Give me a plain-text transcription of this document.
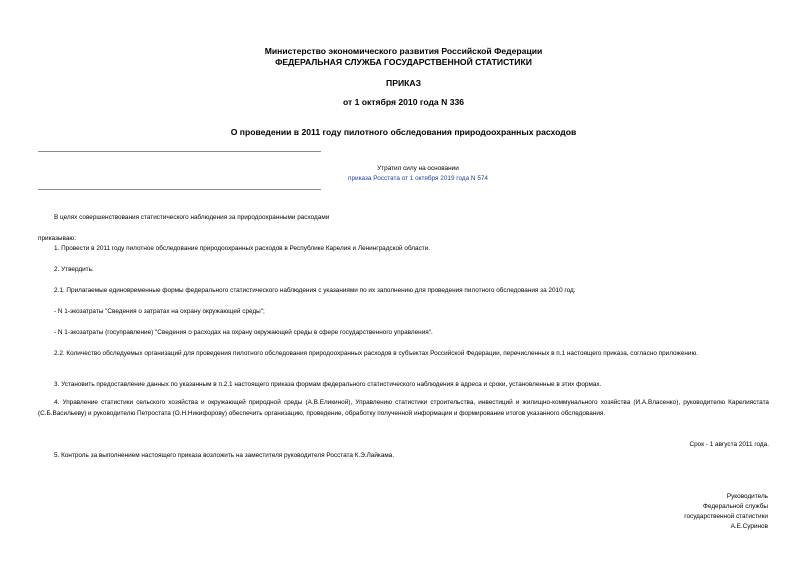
Министерство экономического развития Российской Федерации
ФЕДЕРАЛЬНАЯ СЛУЖБА ГОСУДАРСТВЕННОЙ СТАТИСТИКИ
ПРИКАЗ
от 1 октября 2010 года N 336
О проведении в 2011 году пилотного обследования природоохранных расходов
Утратил силу на основании
приказа Росстата от 1 октября 2019 года N 574
В целях совершенствования статистического наблюдения за природоохранными расходами
приказываю:
1. Провести в 2011 году пилотное обследование природоохранных расходов в Республике Карелия и Ленинградской области.
2. Утвердить:
2.1. Прилагаемые единовременные формы федерального статистического наблюдения с указаниями по их заполнению для проведения пилотного обследования за 2010 год:
- N 1-экозатраты "Сведения о затратах на охрану окружающей среды";
- N 1-экозатраты (госуправление) "Сведения о расходах на охрану окружающей среды в сфере государственного управления".
2.2. Количество обследуемых организаций для проведения пилотного обследования природоохранных расходов в субъектах Российской Федерации, перечисленных в п.1 настоящего приказа, согласно приложению.
3. Установить предоставление данных по указанным в п.2.1 настоящего приказа формам федерального статистического наблюдения в адреса и сроки, установленные в этих формах.
4. Управление статистики сельского хозяйства и окружающей природной среды (А.В.Еликиной), Управлению статистики строительства, инвестиций и жилищно-коммунального хозяйства (И.А.Власенко), руководителю Карелиястата (С.Б.Васильеву) и руководителю Петростата (О.Н.Никифорову) обеспечить организацию, проведение, обработку полученной информации и формирование итогов указанного обследования.
Срок - 1 августа 2011 года.
5. Контроль за выполнением настоящего приказа возложить на заместителя руководителя Росстата К.Э.Лайкама.
Руководитель
Федеральной службы
государственной статистики
А.Е.Суринов
